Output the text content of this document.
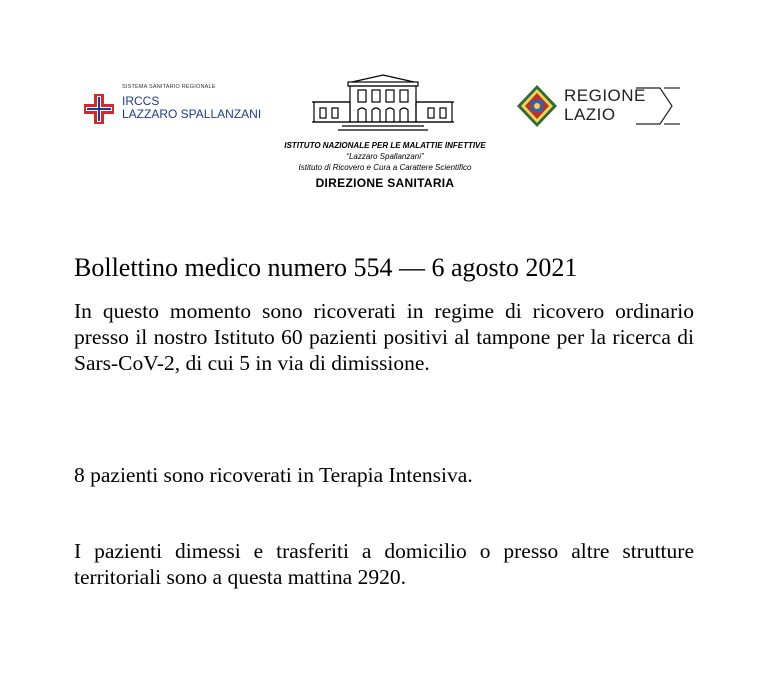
SISTEMA SANITARIO REGIONALE
IRCCS
LAZZARO SPALLANZANI
ISTITUTO NAZIONALE PER LE MALATTIE INFETTIVE
“Lazzaro Spallanzani”
Istituto di Ricovero e Cura a Carattere Scientifico
DIREZIONE SANITARIA
REGIONE
LAZIO
Bollettino medico numero 554 — 6 agosto 2021
In questo momento sono ricoverati in regime di ricovero ordinario presso il nostro Istituto 60 pazienti positivi al tampone per la ricerca di Sars-CoV-2, di cui 5 in via di dimissione.
8 pazienti sono ricoverati in Terapia Intensiva.
I pazienti dimessi e trasferiti a domicilio o presso altre strutture territoriali sono a questa mattina 2920.
